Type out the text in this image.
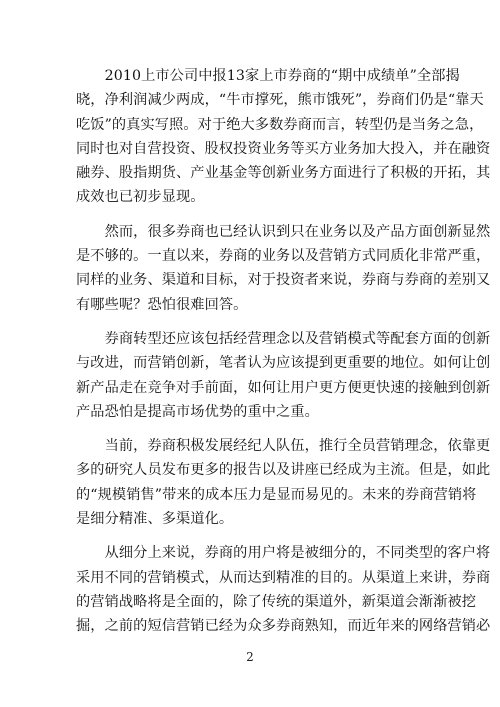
　　2010上市公司中报13家上市券商的“期中成绩单”全部揭
晓，净利润减少两成，“牛市撑死，熊市饿死”，券商们仍是“靠天
吃饭”的真实写照。对于绝大多数券商而言，转型仍是当务之急，
同时也对自营投资、股权投资业务等买方业务加大投入，并在融资
融券、股指期货、产业基金等创新业务方面进行了积极的开拓，其
成效也已初步显现。

　　然而，很多券商也已经认识到只在业务以及产品方面创新显然
是不够的。一直以来，券商的业务以及营销方式同质化非常严重，
同样的业务、渠道和目标，对于投资者来说，券商与券商的差别又
有哪些呢？恐怕很难回答。

　　券商转型还应该包括经营理念以及营销模式等配套方面的创新
与改进，而营销创新，笔者认为应该提到更重要的地位。如何让创
新产品走在竞争对手前面，如何让用户更方便更快速的接触到创新
产品恐怕是提高市场优势的重中之重。

　　当前，券商积极发展经纪人队伍，推行全员营销理念，依靠更
多的研究人员发布更多的报告以及讲座已经成为主流。但是，如此
的“规模销售”带来的成本压力是显而易见的。未来的券商营销将
是细分精准、多渠道化。

　　从细分上来说，券商的用户将是被细分的，不同类型的客户将
采用不同的营销模式，从而达到精准的目的。从渠道上来讲，券商
的营销战略将是全面的，除了传统的渠道外，新渠道会渐渐被挖
掘，之前的短信营销已经为众多券商熟知，而近年来的网络营销必

2
